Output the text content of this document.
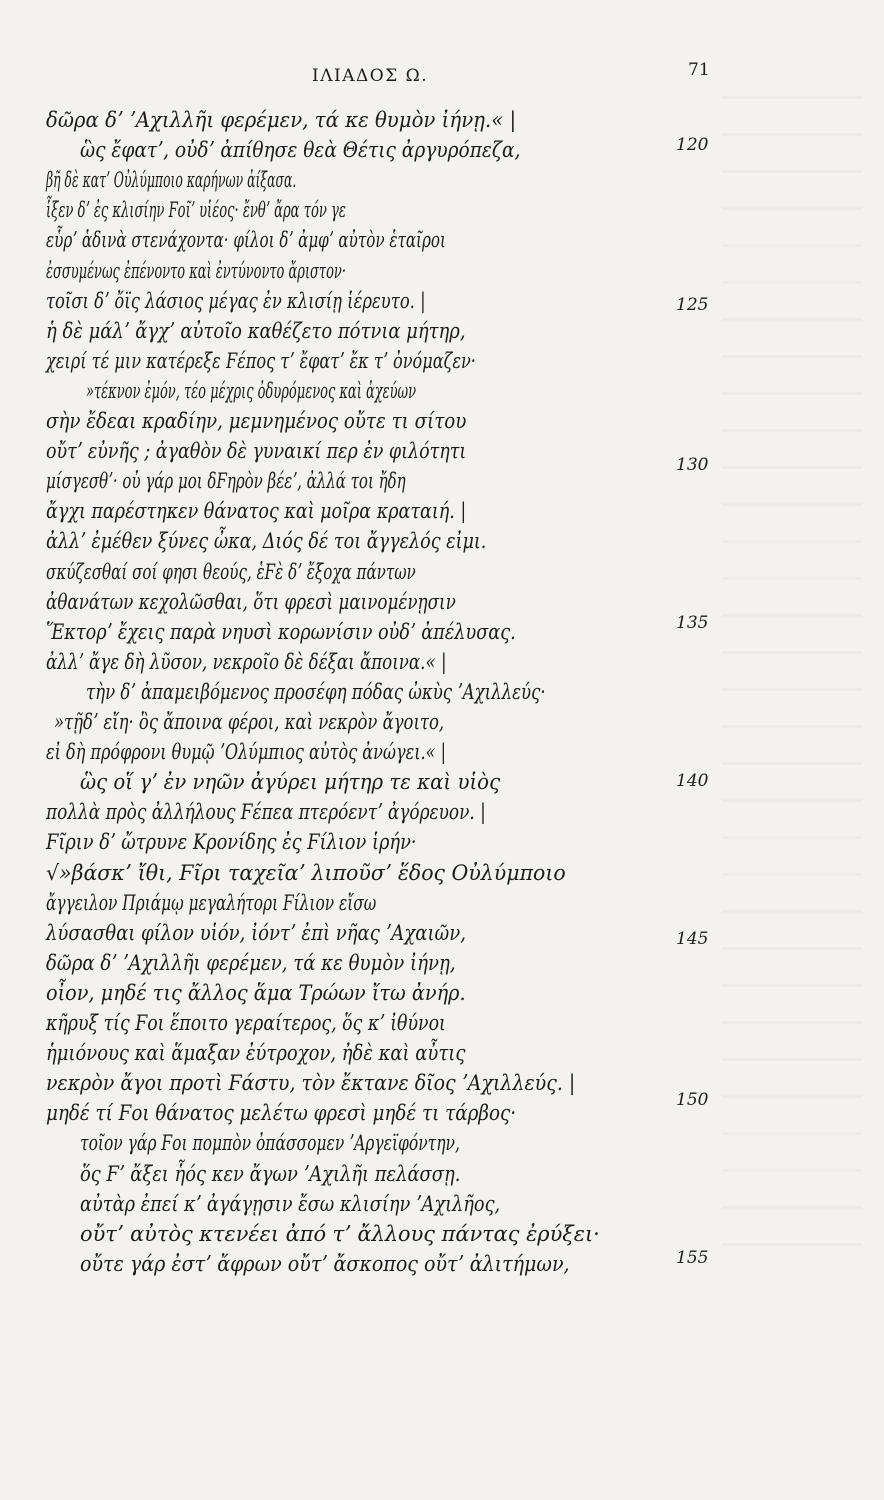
ΙΛΙΑΔΟΣ Ω.	71
δῶρα δʼ ʼΑχιλλῆι φερέμεν, τά κε θυμὸν ἰήνῃ.« |
ὣς ἔφατʼ, οὐδʼ ἀπίθησε θεὰ Θέτις ἀργυρόπεζα,
βῆ δὲ κατʼ Οὐλύμποιο καρήνων ἀίξασα.
ἷξεν δʼ ἐς κλισίην Ϝοῖʼ υἱέος· ἔνθʼ ἄρα τόν γε
εὗρʼ ἁδινὰ στενάχοντα· φίλοι δʼ ἀμφʼ αὐτὸν ἑταῖροι
ἐσσυμένως ἐπένοντο καὶ ἐντύνοντο ἄριστον·
τοῖσι δʼ ὄϊς λάσιος μέγας ἐν κλισίῃ ἱέρευτο. |
ἡ δὲ μάλʼ ἄγχʼ αὐτοῖο καθέζετο πότνια μήτηρ,
χειρί τέ μιν κατέρεξε Ϝέπος τʼ ἔφατʼ ἔκ τʼ ὀνόμαζεν·
»τέκνον ἐμόν, τέο μέχρις ὀδυρόμενος καὶ ἀχεύων
σὴν ἔδεαι κραδίην, μεμνημένος οὔτε τι σίτου
οὔτʼ εὐνῆς ; ἀγαθὸν δὲ γυναικί περ ἐν φιλότητι
μίσγεσθʼ· οὐ γάρ μοι δϜηρὸν βέεʼ, ἀλλά τοι ἤδη
ἄγχι παρέστηκεν θάνατος καὶ μοῖρα κραταιή. |
ἀλλʼ ἐμέθεν ξύνες ὦκα, Διός δέ τοι ἄγγελός εἰμι.
σκύζεσθαί σοί φησι θεούς, ἑϜὲ δʼ ἔξοχα πάντων
ἀθανάτων κεχολῶσθαι, ὅτι φρεσὶ μαινομένῃσιν
Ἕκτορʼ ἔχεις παρὰ νηυσὶ κορωνίσιν οὐδʼ ἀπέλυσας.
ἀλλʼ ἄγε δὴ λῦσον, νεκροῖο δὲ δέξαι ἄποινα.« |
τὴν δʼ ἀπαμειβόμενος προσέφη πόδας ὠκὺς ʼΑχιλλεύς·
»τῇδʼ εἴη· ὃς ἄποινα φέροι, καὶ νεκρὸν ἄγοιτο,
εἰ δὴ πρόφρονι θυμῷ ʼΟλύμπιος αὐτὸς ἀνώγει.« |
ὣς οἵ γʼ ἐν νηῶν ἀγύρει μήτηρ τε καὶ υἱὸς
πολλὰ πρὸς ἀλλήλους Ϝέπεα πτερόεντʼ ἀγόρευον. |
Ϝῖριν δʼ ὤτρυνε Κρονίδης ἐς Ϝίλιον ἱρήν·
√»βάσκʼ ἴθι, Ϝῖρι ταχεῖαʼ λιποῦσʼ ἕδος Οὐλύμποιο
ἄγγειλον Πριάμῳ μεγαλήτορι Ϝίλιον εἴσω
λύσασθαι φίλον υἱόν, ἰόντʼ ἐπὶ νῆας ʼΑχαιῶν,
δῶρα δʼ ʼΑχιλλῆι φερέμεν, τά κε θυμὸν ἰήνῃ,
οἶον, μηδέ τις ἄλλος ἅμα Τρώων ἴτω ἀνήρ.
κῆρυξ τίς Ϝοι ἕποιτο γεραίτερος, ὅς κʼ ἰθύνοι
ἡμιόνους καὶ ἅμαξαν ἐύτροχον, ἠδὲ καὶ αὖτις
νεκρὸν ἄγοι προτὶ Ϝάστυ, τὸν ἔκτανε δῖος ʼΑχιλλεύς. |
μηδέ τί Ϝοι θάνατος μελέτω φρεσὶ μηδέ τι τάρβος·
τοῖον γάρ Ϝοι πομπὸν ὀπάσσομεν ʼΑργεϊφόντην,
ὅς Ϝʼ ἄξει ἧός κεν ἄγων ʼΑχιλῆι πελάσσῃ.
αὐτὰρ ἐπεί κʼ ἀγάγῃσιν ἔσω κλισίην ʼΑχιλῆος,
οὔτʼ αὐτὸς κτενέει ἀπό τʼ ἄλλους πάντας ἐρύξει·
οὔτε γάρ ἐστʼ ἄφρων οὔτʼ ἄσκοπος οὔτʼ ἀλιτήμων,
120
125
130
135
140
145
150
155
